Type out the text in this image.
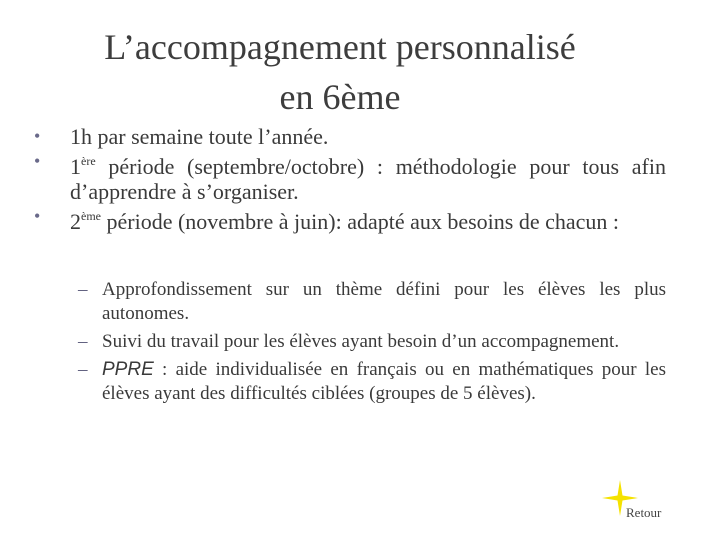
L’accompagnement personnalisé
en 6ème
• 1h par semaine toute l’année.
• 1ère période (septembre/octobre) : méthodologie pour tous afin d’apprendre à s’organiser.
• 2ème période (novembre à juin): adapté aux besoins de chacun :
– Approfondissement sur un thème défini pour les élèves les plus autonomes.
– Suivi du travail pour les élèves ayant besoin d’un accompagnement.
– PPRE : aide individualisée en français ou en mathématiques pour les élèves ayant des difficultés ciblées (groupes de 5 élèves).
Retour
